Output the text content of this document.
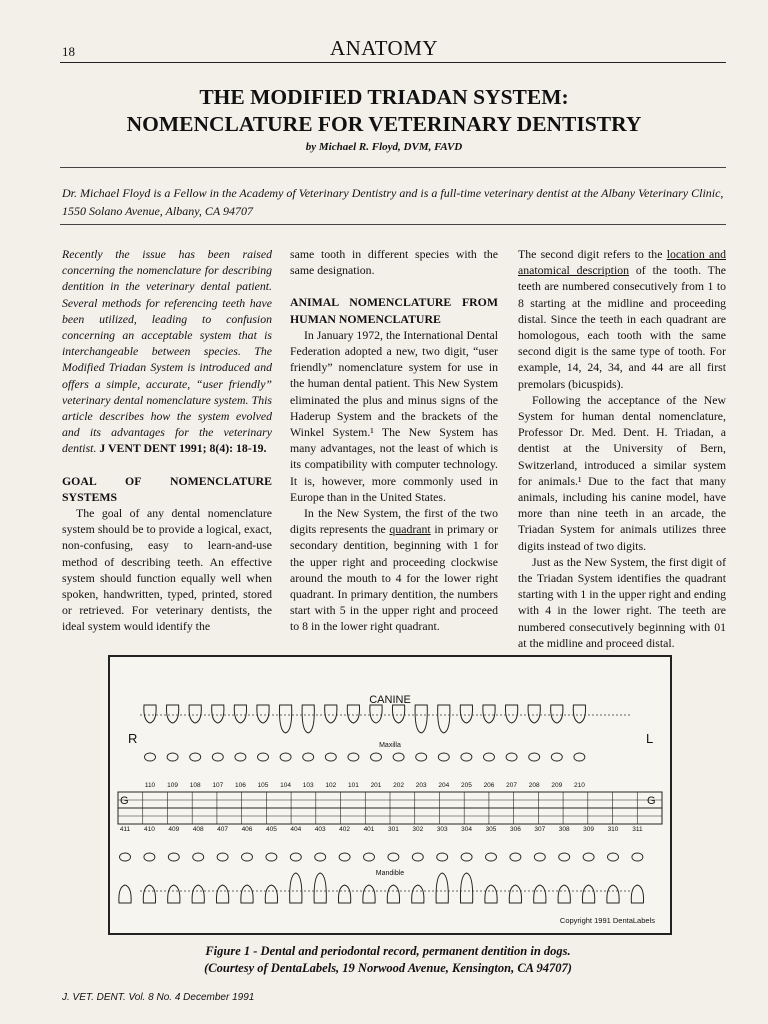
18	ANATOMY
THE MODIFIED TRIADAN SYSTEM:
NOMENCLATURE FOR VETERINARY DENTISTRY
by Michael R. Floyd, DVM, FAVD
Dr. Michael Floyd is a Fellow in the Academy of Veterinary Dentistry and is a full-time veterinary dentist at the Albany Veterinary Clinic, 1550 Solano Avenue, Albany, CA 94707

Recently the issue has been raised concerning the nomenclature for describing dentition in the veterinary dental patient. Several methods for referencing teeth have been utilized, leading to confusion concerning an acceptable system that is interchangeable between species. The Modified Triadan System is introduced and offers a simple, accurate, “user friendly” veterinary dental nomenclature system. This article describes how the system evolved and its advantages for the veterinary dentist. J VENT DENT 1991; 8(4): 18-19.

GOAL OF NOMENCLATURE SYSTEMS

The goal of any dental nomenclature system should be to provide a logical, exact, non-confusing, easy to learn-and-use method of describing teeth. An effective system should function equally well when spoken, handwritten, typed, printed, stored or retrieved. For veterinary dentists, the ideal system would identify the

same tooth in different species with the same designation.

ANIMAL NOMENCLATURE FROM HUMAN NOMENCLATURE

In January 1972, the International Dental Federation adopted a new, two digit, “user friendly” nomenclature system for use in the human dental patient. This New System eliminated the plus and minus signs of the Haderup System and the brackets of the Winkel System.¹ The New System has many advantages, not the least of which is its compatibility with computer technology. It is, however, more commonly used in Europe than in the United States.

In the New System, the first of the two digits represents the quadrant in primary or secondary dentition, beginning with 1 for the upper right and proceeding clockwise around the mouth to 4 for the lower right quadrant. In primary dentition, the numbers start with 5 in the upper right and proceed to 8 in the lower right quadrant.

The second digit refers to the location and anatomical description of the tooth. The teeth are numbered consecutively from 1 to 8 starting at the midline and proceeding distal. Since the teeth in each quadrant are homologous, each tooth with the same second digit is the same type of tooth. For example, 14, 24, 34, and 44 are all first premolars (bicuspids).

Following the acceptance of the New System for human dental nomenclature, Professor Dr. Med. Dent. H. Triadan, a dentist at the University of Bern, Switzerland, introduced a similar system for animals.¹ Due to the fact that many animals, including his canine model, have more than nine teeth in an arcade, the Triadan System for animals utilizes three digits instead of two digits.

Just as the New System, the first digit of the Triadan System identifies the quadrant starting with 1 in the upper right and ending with 4 in the lower right. The teeth are numbered consecutively beginning with 01 at the midline and proceed distal.

CANINE
R	L
Maxilla
Mandible
110 109 108 107 106 105 104 103 102 101 201 202 203 204 205 206 207 208 209 210
411 410 409 408 407 406 405 404 403 402 401 301 302 303 304 305 306 307 308 309 310 311
G	G
Copyright 1991 DentaLabels
Figure 1 - Dental and periodontal record, permanent dentition in dogs.
(Courtesy of DentaLabels, 19 Norwood Avenue, Kensington, CA 94707)
J. VET. DENT. Vol. 8 No. 4 December 1991
